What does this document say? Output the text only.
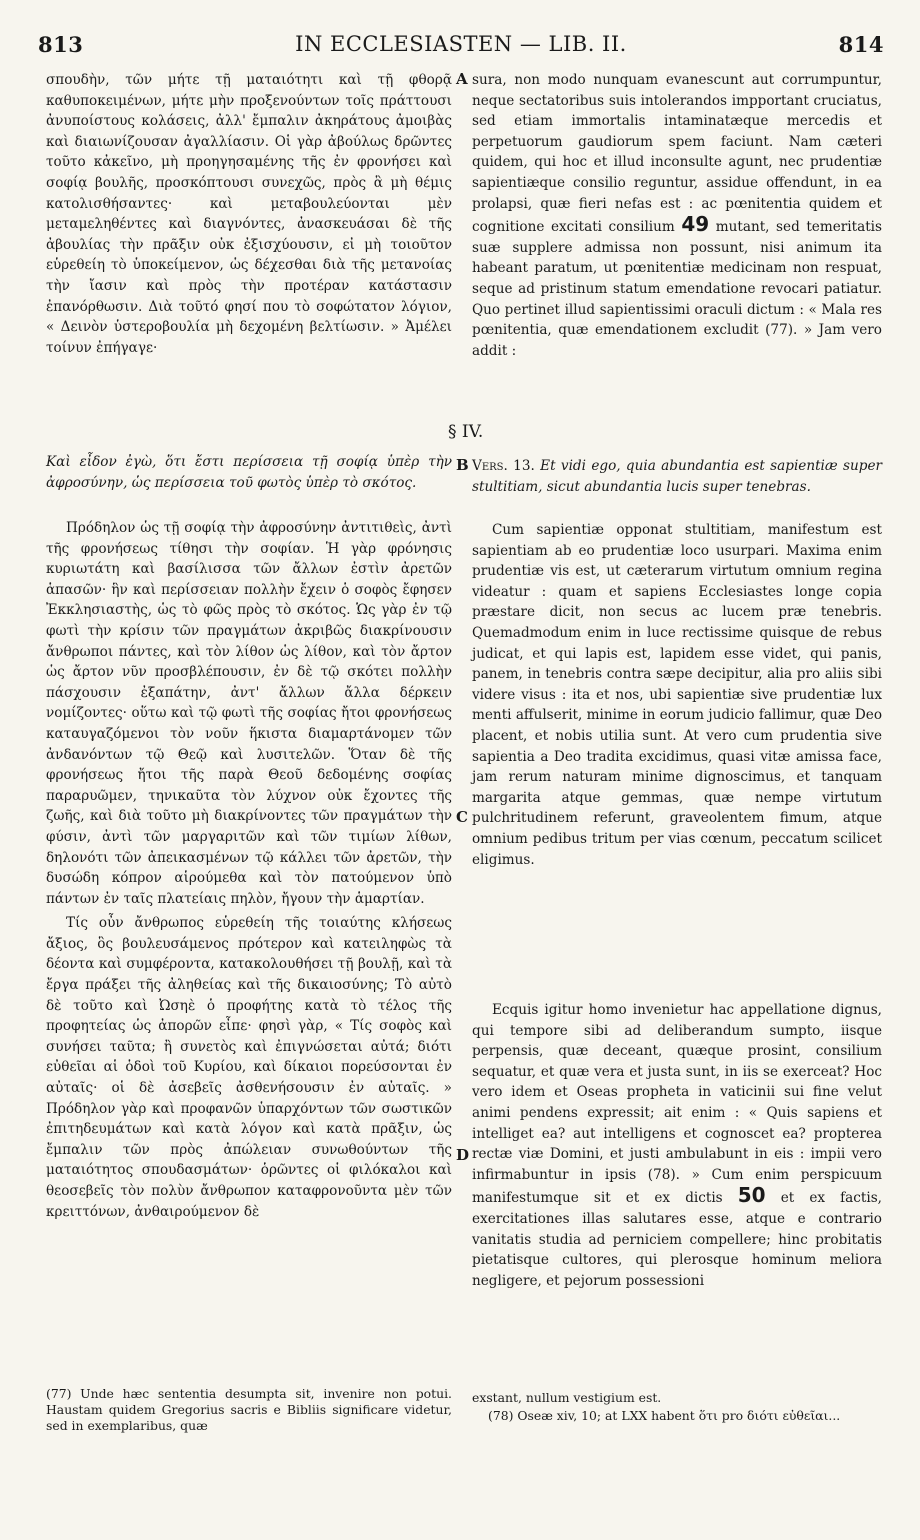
813	IN ECCLESIASTEN — LIB. II.	814

σπουδὴν, τῶν μήτε τῇ ματαιότητι καὶ τῇ φθορᾷ καθυποκειμένων, μήτε μὴν προξενούντων τοῖς πράττουσι ἀνυποίστους κολάσεις, ἀλλ' ἔμπαλιν ἀκηράτους ἀμοιβὰς καὶ διαιωνίζουσαν ἀγαλλίασιν. Οἱ γὰρ ἀβούλως δρῶντες τοῦτο κἀκεῖνο, μὴ προηγησαμένης τῆς ἐν φρονήσει καὶ σοφίᾳ βουλῆς, προσκόπτουσι συνεχῶς, πρὸς ἃ μὴ θέμις κατολισθήσαντες· καὶ μεταβουλεύονται μὲν μεταμεληθέντες καὶ διαγνόντες, ἀνασκευάσαι δὲ τῆς ἀβουλίας τὴν πρᾶξιν οὐκ ἐξισχύουσιν, εἰ μὴ τοιοῦτον εὑρεθείη τὸ ὑποκείμενον, ὡς δέχεσθαι διὰ τῆς μετανοίας τὴν ἴασιν καὶ πρὸς τὴν προτέραν κατάστασιν ἐπανόρθωσιν. Διὰ τοῦτό φησί που τὸ σοφώτατον λόγιον, « Δεινὸν ὑστεροβουλία μὴ δεχομένη βελτίωσιν. » Ἀμέλει τοίνυν ἐπήγαγε·

Καὶ εἶδον ἐγὼ, ὅτι ἔστι περίσσεια τῇ σοφίᾳ ὑπὲρ τὴν ἀφροσύνην, ὡς περίσσεια τοῦ φωτὸς ὑπὲρ τὸ σκότος.

Πρόδηλον ὡς τῇ σοφίᾳ τὴν ἀφροσύνην ἀντιτιθεὶς, ἀντὶ τῆς φρονήσεως τίθησι τὴν σοφίαν. Ἡ γὰρ φρόνησις κυριωτάτη καὶ βασίλισσα τῶν ἄλλων ἐστὶν ἀρετῶν ἁπασῶν· ἣν καὶ περίσσειαν πολλὴν ἔχειν ὁ σοφὸς ἔφησεν Ἐκκλησιαστὴς, ὡς τὸ φῶς πρὸς τὸ σκότος. Ὡς γὰρ ἐν τῷ φωτὶ τὴν κρίσιν τῶν πραγμάτων ἀκριβῶς διακρίνουσιν ἄνθρωποι πάντες, καὶ τὸν λίθον ὡς λίθον, καὶ τὸν ἄρτον ὡς ἄρτον νῦν προσβλέπουσιν, ἐν δὲ τῷ σκότει πολλὴν πάσχουσιν ἐξαπάτην, ἀντ' ἄλλων ἄλλα δέρκειν νομίζοντες· οὕτω καὶ τῷ φωτὶ τῆς σοφίας ἤτοι φρονήσεως καταυγαζόμενοι τὸν νοῦν ἥκιστα διαμαρτάνομεν τῶν ἀνδανόντων τῷ Θεῷ καὶ λυσιτελῶν. Ὅταν δὲ τῆς φρονήσεως ἤτοι τῆς παρὰ Θεοῦ δεδομένης σοφίας παραρυῶμεν, τηνικαῦτα τὸν λύχνον οὐκ ἔχοντες τῆς ζωῆς, καὶ διὰ τοῦτο μὴ διακρίνοντες τῶν πραγμάτων τὴν φύσιν, ἀντὶ τῶν μαργαριτῶν καὶ τῶν τιμίων λίθων, δηλονότι τῶν ἀπεικασμένων τῷ κάλλει τῶν ἀρετῶν, τὴν δυσώδη κόπρον αἱρούμεθα καὶ τὸν πατούμενον ὑπὸ πάντων ἐν ταῖς πλατείαις πηλὸν, ἤγουν τὴν ἁμαρτίαν.

Τίς οὖν ἄνθρωπος εὑρεθείη τῆς τοιαύτης κλήσεως ἄξιος, ὃς βουλευσάμενος πρότερον καὶ κατειληφὼς τὰ δέοντα καὶ συμφέροντα, κατακολουθήσει τῇ βουλῇ, καὶ τὰ ἔργα πράξει τῆς ἀληθείας καὶ τῆς δικαιοσύνης; Τὸ αὐτὸ δὲ τοῦτο καὶ Ὠσηὲ ὁ προφήτης κατὰ τὸ τέλος τῆς προφητείας ὡς ἀπορῶν εἶπε· φησὶ γὰρ, « Τίς σοφὸς καὶ συνήσει ταῦτα; ἢ συνετὸς καὶ ἐπιγνώσεται αὐτά; διότι εὐθεῖαι αἱ ὁδοὶ τοῦ Κυρίου, καὶ δίκαιοι πορεύσονται ἐν αὐταῖς· οἱ δὲ ἀσεβεῖς ἀσθενήσουσιν ἐν αὐταῖς. » Πρόδηλον γὰρ καὶ προφανῶν ὑπαρχόντων τῶν σωστικῶν ἐπιτηδευμάτων καὶ κατὰ λόγον καὶ κατὰ πρᾶξιν, ὡς ἔμπαλιν τῶν πρὸς ἀπώλειαν συνωθούντων τῆς ματαιότητος σπουδασμάτων· ὁρῶντες οἱ φιλόκαλοι καὶ θεοσεβεῖς τὸν πολὺν ἄνθρωπον καταφρονοῦντα μὲν τῶν κρειττόνων, ἀνθαιρούμενον δὲ

(77) Unde hæc sententia desumpta sit, invenire non potui. Haustam quidem Gregorius sacris e Bibliis significare videtur, sed in exemplaribus, quæ
A
B
C
D
§ IV.

sura, non modo nunquam evanescunt aut corrumpuntur, neque sectatoribus suis intolerandos impportant cruciatus, sed etiam immortalis intaminatæque mercedis et perpetuorum gaudiorum spem faciunt. Nam cæteri quidem, qui hoc et illud inconsulte agunt, nec prudentiæ sapientiæque consilio reguntur, assidue offendunt, in ea prolapsi, quæ fieri nefas est : ac pœnitentia quidem et cognitione excitati consilium 49 mutant, sed temeritatis suæ supplere admissa non possunt, nisi animum ita habeant paratum, ut pœnitentiæ medicinam non respuat, seque ad pristinum statum emendatione revocari patiatur. Quo pertinet illud sapientissimi oraculi dictum : « Mala res pœnitentia, quæ emendationem excludit (77). » Jam vero addit :

Vers. 13. Et vidi ego, quia abundantia est sapientiæ super stultitiam, sicut abundantia lucis super tenebras.

Cum sapientiæ opponat stultitiam, manifestum est sapientiam ab eo prudentiæ loco usurpari. Maxima enim prudentiæ vis est, ut cæterarum virtutum omnium regina videatur : quam et sapiens Ecclesiastes longe copia præstare dicit, non secus ac lucem præ tenebris. Quemadmodum enim in luce rectissime quisque de rebus judicat, et qui lapis est, lapidem esse videt, qui panis, panem, in tenebris contra sæpe decipitur, alia pro aliis sibi videre visus : ita et nos, ubi sapientiæ sive prudentiæ lux menti affulserit, minime in eorum judicio fallimur, quæ Deo placent, et nobis utilia sunt. At vero cum prudentia sive sapientia a Deo tradita excidimus, quasi vitæ amissa face, jam rerum naturam minime dignoscimus, et tanquam margarita atque gemmas, quæ nempe virtutum pulchritudinem referunt, graveolentem fimum, atque omnium pedibus tritum per vias cœnum, peccatum scilicet eligimus.

Ecquis igitur homo invenietur hac appellatione dignus, qui tempore sibi ad deliberandum sumpto, iisque perpensis, quæ deceant, quæque prosint, consilium sequatur, et quæ vera et justa sunt, in iis se exerceat? Hoc vero idem et Oseas propheta in vaticinii sui fine velut animi pendens expressit; ait enim : « Quis sapiens et intelliget ea? aut intelligens et cognoscet ea? propterea rectæ viæ Domini, et justi ambulabunt in eis : impii vero infirmabuntur in ipsis (78). » Cum enim perspicuum manifestumque sit et ex dictis 50 et ex factis, exercitationes illas salutares esse, atque e contrario vanitatis studia ad perniciem compellere; hinc probitatis pietatisque cultores, qui plerosque hominum meliora negligere, et pejorum possessioni

exstant, nullum vestigium est.
(78) Oseæ xiv, 10; at LXX habent ὅτι pro διότι εὐθεῖαι...
